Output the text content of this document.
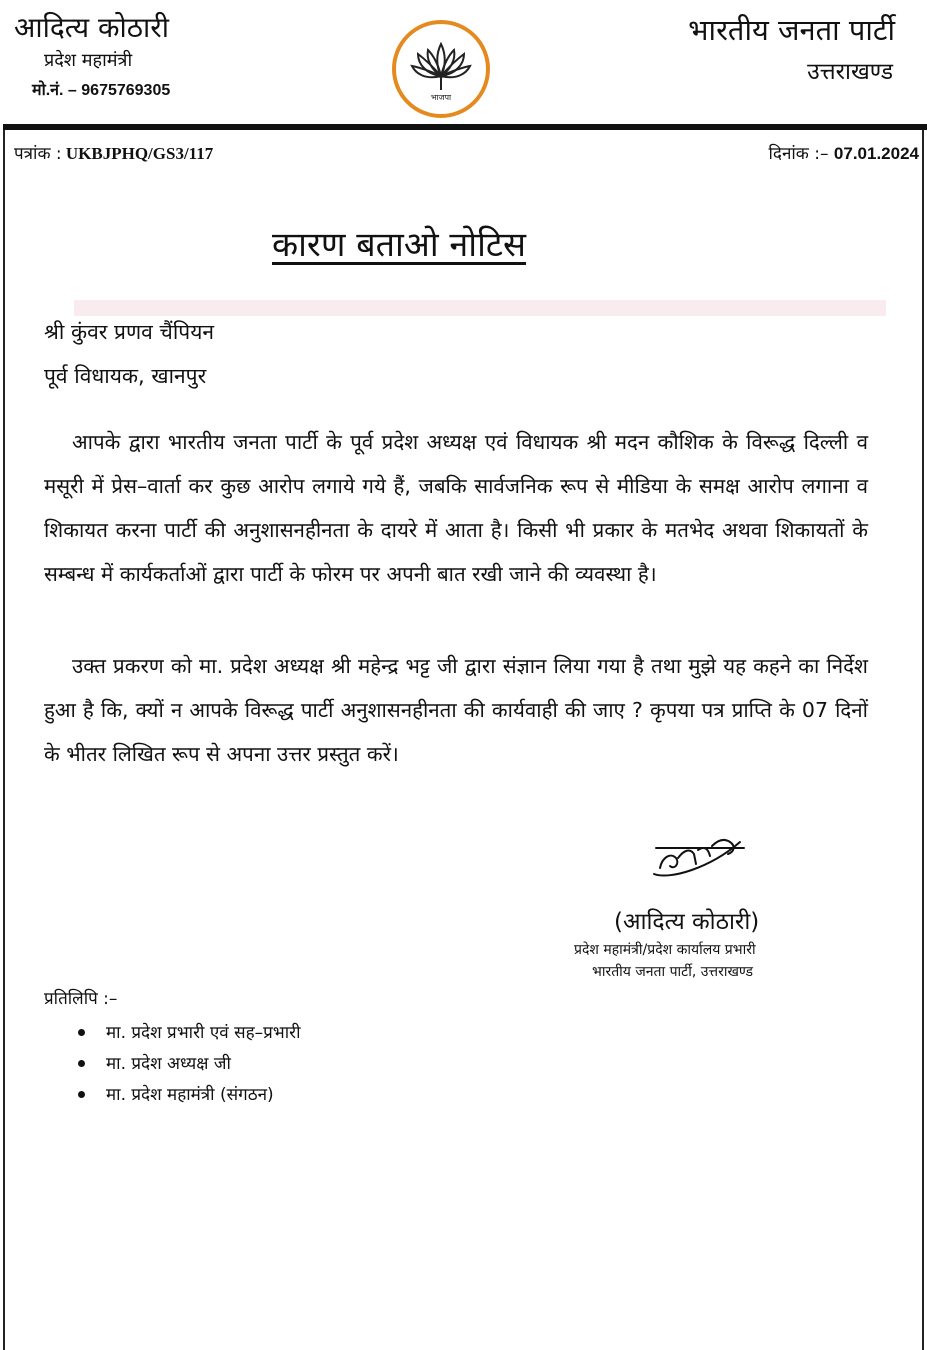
आदित्य कोठारी
प्रदेश महामंत्री
मो.नं. – 9675769305	भाजपा
भारतीय जनता पार्टी
उत्तराखण्ड
पत्रांक : UKBJPHQ/GS3/117	दिनांक :– 07.01.2024
कारण बताओ नोटिस
श्री कुंवर प्रणव चैंपियन
पूर्व विधायक, खानपुर
आपके द्वारा भारतीय जनता पार्टी के पूर्व प्रदेश अध्यक्ष एवं विधायक श्री मदन कौशिक के विरूद्ध दिल्ली व मसूरी में प्रेस–वार्ता कर कुछ आरोप लगाये गये हैं, जबकि सार्वजनिक रूप से मीडिया के समक्ष आरोप लगाना व शिकायत करना पार्टी की अनुशासनहीनता के दायरे में आता है। किसी भी प्रकार के मतभेद अथवा शिकायतों के सम्बन्ध में कार्यकर्ताओं द्वारा पार्टी के फोरम पर अपनी बात रखी जाने की व्यवस्था है।
उक्त प्रकरण को मा. प्रदेश अध्यक्ष श्री महेन्द्र भट्ट जी द्वारा संज्ञान लिया गया है तथा मुझे यह कहने का निर्देश हुआ है कि, क्यों न आपके विरूद्ध पार्टी अनुशासनहीनता की कार्यवाही की जाए ? कृपया पत्र प्राप्ति के 07 दिनों के भीतर लिखित रूप से अपना उत्तर प्रस्तुत करें।
(आदित्य कोठारी)
प्रदेश महामंत्री/प्रदेश कार्यालय प्रभारी
भारतीय जनता पार्टी, उत्तराखण्ड
प्रतिलिपि :–
मा. प्रदेश प्रभारी एवं सह–प्रभारी
मा. प्रदेश अध्यक्ष जी
मा. प्रदेश महामंत्री (संगठन)
